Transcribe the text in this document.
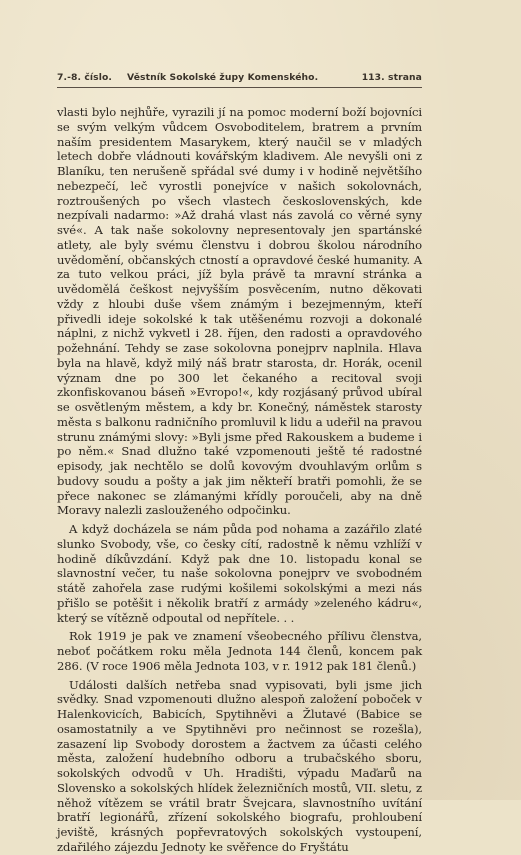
7.-8. číslo. Věstník Sokolské župy Komenského.	113. strana

vlasti bylo nejhůře, vyrazili jí na pomoc moderní boží bojovníci se svým velkým vůdcem Osvoboditelem, bratrem a prvním naším presidentem Masarykem, který naučil se v mladých letech dobře vládnouti kovářským kladivem. Ale nevyšli oni z Blaníku, ten nerušeně spřádal své dumy i v hodině největšího nebezpečí, leč vyrostli ponejvíce v našich sokolovnách, roztroušených po všech vlastech československých, kde nezpívali nadarmo: »Až drahá vlast nás zavolá co věrné syny své«. A tak naše sokolovny nepresentovaly jen spartánské atlety, ale byly svému členstvu i dobrou školou národního uvědomění, občanských ctností a opravdové české humanity. A za tuto velkou práci, jíž byla právě ta mravní stránka a uvědomělá češkost nejvyšším posvěcením, nutno děkovati vždy z hloubi duše všem známým i bezejmenným, kteří přivedli ideje sokolské k tak utěšenému rozvoji a dokonalé náplni, z nichž vykvetl i 28. říjen, den radosti a opravdového požehnání. Tehdy se zase sokolovna ponejprv naplnila. Hlava byla na hlavě, když milý náš bratr starosta, dr. Horák, ocenil význam dne po 300 let čekaného a recitoval svoji zkonfiskovanou báseň »Evropo!«, kdy rozjásaný průvod ubíral se osvětleným městem, a kdy br. Konečný, náměstek starosty města s balkonu radničního promluvil k lidu a udeřil na pravou strunu známými slovy: »Byli jsme před Rakouskem a budeme i po něm.« Snad dlužno také vzpomenouti ještě té radostné episody, jak nechtělo se dolů kovovým dvouhlavým orlům s budovy soudu a pošty a jak jim někteří bratři pomohli, že se přece nakonec se zlámanými křídly poroučeli, aby na dně Moravy nalezli zaslouženého odpočinku.

A když docházela se nám půda pod nohama a zazářilo zlaté slunko Svobody, vše, co česky cítí, radostně k němu vzhlíží v hodině díkůvzdání. Když pak dne 10. listopadu konal se slavnostní večer, tu naše sokolovna ponejprv ve svobodném státě zahořela zase rudými košilemi sokolskými a mezi nás přišlo se potěšit i několik bratří z armády »zeleného kádru«, který se vítězně odpoutal od nepřítele. . .

Rok 1919 je pak ve znamení všeobecného přílivu členstva, neboť počátkem roku měla Jednota 144 členů, koncem pak 286. (V roce 1906 měla Jednota 103, v r. 1912 pak 181 členů.)

Události dalších netřeba snad vypisovati, byli jsme jich svědky. Snad vzpomenouti dlužno alespoň založení poboček v Halenkovicích, Babicích, Spytihněvi a Žlutavé (Babice se osamostatnily a ve Spytihněvi pro nečinnost se rozešla), zasazení lip Svobody dorostem a žactvem za účasti celého města, založení hudebního odboru a trubačského sboru, sokolských odvodů v Uh. Hradišti, výpadu Maďarů na Slovensko a sokolských hlídek železničních mostů, VII. sletu, z něhož vítězem se vrátil bratr Švejcara, slavnostního uvítání bratří legionářů, zřízení sokolského biografu, prohloubení jeviště, krásných popřevratových sokolských vystoupení, zdařilého zájezdu Jednoty ke svěřence do Fryštátu
